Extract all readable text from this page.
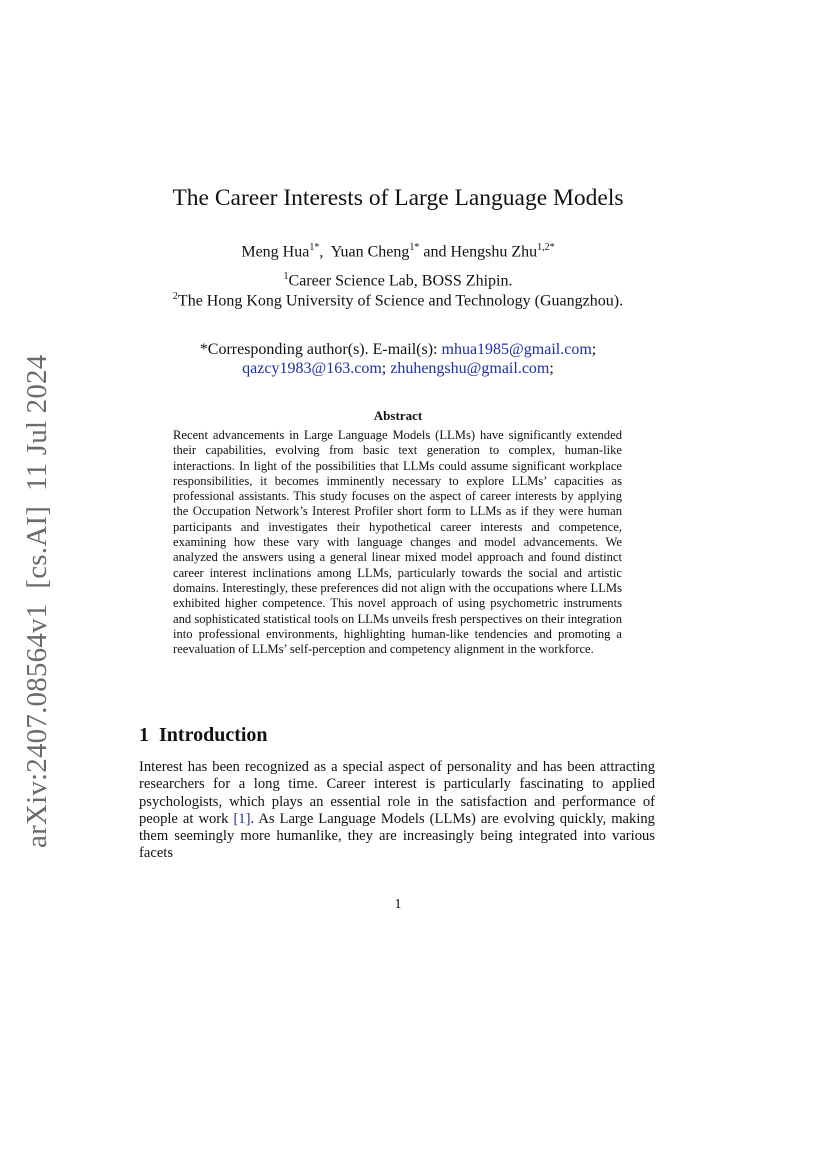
arXiv:2407.08564v1  [cs.AI]  11 Jul 2024
The Career Interests of Large Language Models
Meng Hua$^{1*}$,  Yuan Cheng$^{1*}$ and Hengshu Zhu$^{1,2*}$
$^1$Career Science Lab, BOSS Zhipin.
$^2$The Hong Kong University of Science and Technology (Guangzhou).
*Corresponding author(s). E-mail(s): mhua1985@gmail.com;
qazcy1983@163.com; zhuhengshu@gmail.com;
Abstract
Recent advancements in Large Language Models (LLMs) have significantly extended their capabilities, evolving from basic text generation to complex, human-like interactions. In light of the possibilities that LLMs could assume significant workplace responsibilities, it becomes imminently necessary to explore LLMs’ capacities as professional assistants. This study focuses on the aspect of career interests by applying the Occupation Network’s Interest Profiler short form to LLMs as if they were human participants and investigates their hypothetical career interests and competence, examining how these vary with language changes and model advancements. We analyzed the answers using a general linear mixed model approach and found distinct career interest inclinations among LLMs, particularly towards the social and artistic domains. Interestingly, these preferences did not align with the occupations where LLMs exhibited higher competence. This novel approach of using psychometric instruments and sophisticated statistical tools on LLMs unveils fresh perspectives on their integration into professional environments, highlighting human-like tendencies and promoting a reevaluation of LLMs’ self-perception and competency alignment in the workforce.
1 Introduction
Interest has been recognized as a special aspect of personality and has been attracting researchers for a long time. Career interest is particularly fascinating to applied psychologists, which plays an essential role in the satisfaction and performance of people at work [1]. As Large Language Models (LLMs) are evolving quickly, making them seemingly more humanlike, they are increasingly being integrated into various facets
1
